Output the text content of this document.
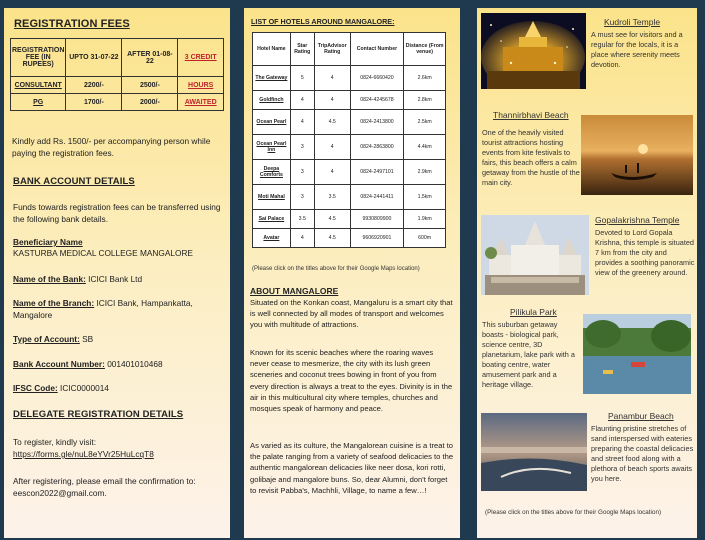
REGISTRATION FEES
REGISTRATION FEE (IN RUPEES)	UPTO 31-07-22	AFTER 01-08-22	3 CREDIT
CONSULTANT	2200/-	2500/-	HOURS
PG	1700/-	2000/-	AWAITED
Kindly add Rs. 1500/- per accompanying person while paying the registration fees.
BANK ACCOUNT DETAILS
Funds towards registration fees can be transferred using the following bank details.
Beneficiary Name
KASTURBA MEDICAL COLLEGE MANGALORE
Name of the Bank: ICICI Bank Ltd
Name of the Branch: ICICI Bank, Hampankatta, Mangalore
Type of Account: SB
Bank Account Number: 001401010468
IFSC Code: ICIC0000014
DELEGATE REGISTRATION DETAILS
To register, kindly visit:
https://forms.gle/nuL8eYVr25HuLcqT8
After registering, please email the confirmation to: eescon2022@gmail.com.
LIST OF HOTELS AROUND MANGALORE:
Hotel Name	Star Rating	TripAdvisor Rating	Contact Number	Distance (From venue)
The Gateway	5	4	0824-6660420	2.6km
Goldfinch	4	4	0824-4245678	2.8km
Ocean Pearl	4	4.5	0824-2413800	2.5km
Ocean Pearl Inn	3	4	0824-2863800	4.4km
Deepa Comforts	3	4	0824-2497101	2.9km
Moti Mahal	3	3.5	0824-2441411	1.5km
Sai Palace	3.5	4.5	9930809900	1.9km
Avatar	4	4.5	9606920901	600m
(Please click on the titles above for their Google Maps location)
ABOUT MANGALORE
Situated on the Konkan coast, Mangaluru is a smart city that is well connected by all modes of transport and welcomes you with multitude of attractions.
Known for its scenic beaches where the roaring waves never cease to mesmerize, the city with its lush green sceneries and coconut trees bowing in front of you from every direction is always a treat to the eyes. Divinity is in the air in this multicultural city where temples, churches and mosques speak of harmony and peace.
As varied as its culture, the Mangalorean cuisine is a treat to the palate ranging from a variety of seafood delicacies to the authentic mangalorean delicacies like neer dosa, kori rotti, golibaje and mangalore buns. So, dear Alumni, don't forget to revisit Pabba's, Machhli, Village, to name a few…!
Kudroli Temple
A must see for visitors and a regular for the locals, it is a place where serenity meets devotion.
Thannirbhavi Beach
One of the heavily visited tourist attractions hosting events from kite festivals to fairs, this beach offers a calm getaway from the hustle of the main city.
Gopalakrishna Temple
Devoted to Lord Gopala Krishna, this temple is situated 7 km from the city and provides a soothing panoramic view of the greenery around.
Pilikula Park
This suburban getaway boasts - biological park, science centre, 3D planetarium, lake park with a boating centre, water amusement park and a heritage village.
Panambur Beach
Flaunting pristine stretches of sand interspersed with eateries preparing the coastal delicacies and street food along with a plethora of beach sports awaits you here.
(Please click on the titles above for their Google Maps location)
